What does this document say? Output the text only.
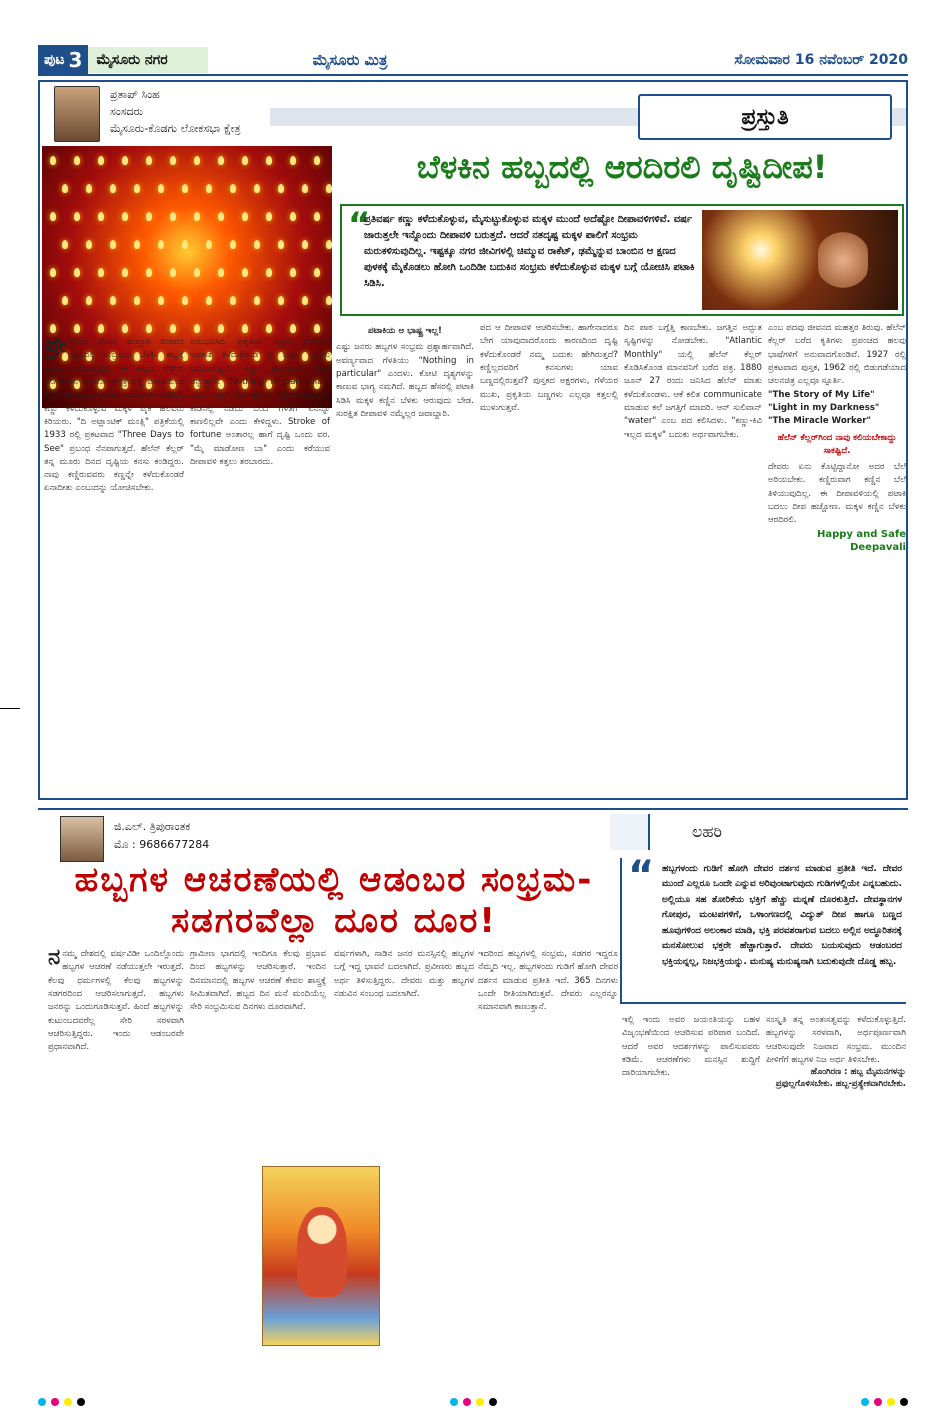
ಪುಟ 3	ಮೈಸೂರು ನಗರ	ಮೈಸೂರು ಮಿತ್ರ	ಸೋಮವಾರ 16 ನವೆಂಬರ್ 2020
ಪ್ರತಾಪ್ ಸಿಂಹ
ಸಂಸದರು
ಮೈಸೂರು-ಕೊಡಗು ಲೋಕಸಭಾ ಕ್ಷೇತ್ರ	ಪ್ರಸ್ತುತಿ
ಬೆಳಕಿನ ಹಬ್ಬದಲ್ಲಿ ಆರದಿರಲಿ ದೃಷ್ಟಿದೀಪ!
“
ಪ್ರತಿವರ್ಷ ಕಣ್ಣು ಕಳೆದುಕೊಳ್ಳುವ, ಮೈಸುಟ್ಟುಕೊಳ್ಳುವ ಮಕ್ಕಳ ಮುಂದೆ ಅದೆಷ್ಟೋ ದೀಪಾವಳಿಗಳಿವೆ. ವರ್ಷ ಜಾರುತ್ತಲೇ ಇನ್ನೊಂದು ದೀಪಾವಳಿ ಬರುತ್ತದೆ. ಆದರೆ ನತದೃಷ್ಟ ಮಕ್ಕಳ ಪಾಲಿಗೆ ಸಂಭ್ರಮ ಮರುಕಳಿಸುವುದಿಲ್ಲ. ಇಷ್ಟಕ್ಕೂ ನಗರ ಜೀವಿಗಳಲ್ಲಿ ಚಿಮ್ಮುವ ರಾಕೆಟ್, ಢಮ್ಮೆನ್ನುವ ಬಾಂಬಿನ ಆ ಕ್ಷಣದ ಪುಳಕಕ್ಕೆ ಮೈಕೊಡಲು ಹೋಗಿ ಒಂದಿಡೀ ಬದುಕಿನ ಸಂಭ್ರಮ ಕಳೆದುಕೊಳ್ಳುವ ಮಕ್ಕಳ ಬಗ್ಗೆ ಯೋಚಿಸಿ ಪಟಾಕಿ ಸಿಡಿಸಿ.
ಪ್ರೇ ಪ್ರೇಮಾ ದೇವಿನ ಮತ್ತೂರ ದಿನಾವನ ಬಿತ್ತರದಲ್ಲಿ ಸಂಬ್ರಮದ ಬೆಳಕಿನ ಹಬ್ಬಕ್ಕೆ ಆತಂಕ ಸುಳಿದಾಡುತ್ತಿದೆ. ಈ ಹಬ್ಬದ ವೆಸ್ಟ್‌ನ್ ಬೆಂಗಳೂರಿನ ಮಿಂಟೋ ಆಸ್ಪತ್ರೆಯಲ್ಲಿ ಪಟಾಕಿಯಿಂದ ಕಣ್ಣಿಗೆ ಹಾನಿಯಾದ ಮಕ್ಕಳ ದಾಖಲಾತಿ ನಡೆದಿದೆ. ಕಣ್ಣು ಕಳೆದುಕೊಳ್ಳುವ ಮಕ್ಕಳ ಪೈಕಿ ಹಲವರು ಕಿರಿಯರು. "ದಿ ಅಟ್ಲಾಂಟಿಕ್ ಮಂತ್ಲಿ" ಪತ್ರಿಕೆಯಲ್ಲಿ 1933 ರಲ್ಲಿ ಪ್ರಕಟವಾದ "Three Days to See" ಪ್ರಬಂಧ ನೆನಪಾಗುತ್ತದೆ. ಹೆಲೆನ್ ಕೆಲ್ಲರ್ ತನ್ನ ಮೂರು ದಿನದ ದೃಷ್ಟಿಯ ಕನಸು ಕಂಡಿದ್ದರು. ನಾವು ಕಣ್ಣಿರುವವರು ಕಣ್ಣನ್ನೇ ಕಳೆದುಕೊಂಡರೆ ಏನಾದೀತು ಎಂಬುದನ್ನು ಯೋಚಿಸಬೇಕು.
ಅನುಭವಿಸಿದ. ಪ್ರಕೃತಿಯ ವಿಸ್ಮಯ ನೋಡುವ ಅವಕಾಶ ಕಳೆದುಕೊಂಡ ಆ ಮಕ್ಕಳ ಬದುಕು ಬದಲಾಗುತ್ತದೆ. ಕಣ್ಣು ಹೃದಯಗಳ ಕಿಟಕಿ ಎನ್ನುತ್ತಾರೆ. "Nothing in particular" ಎಂಬ ಉತ್ತರ ಕೇಳಿ ಹೆಲೆನ್ ಆಶ್ಚರ್ಯಪಟ್ಟಿದ್ದಳು. ಕಾಡಿನಲ್ಲಿ ನಡೆದು ಬಂದ ಗೆಳತಿಗೆ ಏನನ್ನೂ ಕಾಣಲಿಲ್ಲವೇ ಎಂದು ಕೇಳಿದ್ದಳು. Stroke of fortune ಅಂತಾರಲ್ಲ ಹಾಗೆ ದೃಷ್ಟಿ ಒಂದು ವರ. "ಮೈ ಮಾಡೋಣ ಬಾ" ಎಂದು ಕರೆಯುವ ದೀಪಾವಳಿ ಕತ್ತಲು ತರಬಾರದು.
ಪಟಾಕಿಯ ಆ ಭಾಷ್ಟ್ರ ಇಲ್ಲ!
ಎಷ್ಟು ಜನರು ಹಬ್ಬಗಳ ಸಂಭ್ರಮ ಪ್ರಶ್ನಾರ್ಹವಾಗಿದೆ. ಅವರ್ಣ್ಯವಾದ ಗೆಳತಿಯು "Nothing in particular" ಎಂದಳು. ಕೋಟಿ ದೃಶ್ಯಗಳನ್ನು ಕಾಣುವ ಭಾಗ್ಯ ನಮಗಿದೆ. ಹಬ್ಬದ ಹೆಸರಲ್ಲಿ ಪಟಾಕಿ ಸಿಡಿಸಿ ಮಕ್ಕಳ ಕಣ್ಣಿನ ಬೆಳಕು ಆರುವುದು ಬೇಡ. ಸುರಕ್ಷಿತ ದೀಪಾವಳಿ ನಮ್ಮೆಲ್ಲರ ಜವಾಬ್ದಾರಿ.
ಪದ ಆ ದೀಪಾವಳಿ ಆಚರಿಸಬೇಕು. ಹಾಗೇನಾದರೂ ಬೇಗ ಯಾವುದಾದರೊಂದು ಕಾರಣದಿಂದ ದೃಷ್ಟಿ ಕಳೆದುಕೊಂಡರೆ ನಮ್ಮ ಬದುಕು ಹೇಗಿರುತ್ತದೆ? ಕಣ್ಣಿಲ್ಲದವರಿಗೆ ಕನಸುಗಳು ಯಾವ ಬಣ್ಣದಲ್ಲಿರುತ್ತವೆ? ಪುಸ್ತಕದ ಅಕ್ಷರಗಳು, ಗೆಳೆಯರ ಮುಖ, ಪ್ರಕೃತಿಯ ಬಣ್ಣಗಳು ಎಲ್ಲವೂ ಕತ್ತಲಲ್ಲಿ ಮುಳುಗುತ್ತವೆ.
ದಿನ ಪಾಠ ಬಗ್ಗೆತ್ತಿ ಕಾಣಬೇಕು. ಜಗತ್ತಿನ ಅದ್ಭುತ ಸೃಷ್ಟಿಗಳನ್ನು ನೋಡಬೇಕು. "Atlantic Monthly" ಯಲ್ಲಿ ಹೆಲೆನ್ ಕೆಲ್ಲರ್ ಕೊಡಿಸಿಕೊಂಡ ಮಾನವನಿಗೆ ಬರೆದ ಪತ್ರ. 1880 ಜೂನ್ 27 ರಂದು ಜನಿಸಿದ ಹೆಲೆನ್ ಮಾತು ಕಳೆದುಕೊಂಡಳು. ಆಕೆ ಕಲಿತ communicate ಮಾಡುವ ಕಲೆ ಜಗತ್ತಿಗೆ ಮಾದರಿ. ಆನ್ ಸುಲಿವಾನ್ "water" ಎಂಬ ಪದ ಕಲಿಸಿದಳು. "ಕಣ್ಣು-ಕಿವಿ ಇಲ್ಲದ ಮಕ್ಕಳ" ಬದುಕು ಅರ್ಥವಾಗಬೇಕು.
ಎಂಬ ಪದವು ಜೀವನದ ಮಹತ್ತರ ತಿರುವು. ಹೆಲೆನ್ ಕೆಲ್ಲರ್ ಬರೆದ ಕೃತಿಗಳು ಪ್ರಪಂಚದ ಹಲವು ಭಾಷೆಗಳಿಗೆ ಅನುವಾದಗೊಂಡಿವೆ. 1927 ರಲ್ಲಿ ಪ್ರಕಟವಾದ ಪುಸ್ತಕ, 1962 ರಲ್ಲಿ ಬಿಡುಗಡೆಯಾದ ಚಲನಚಿತ್ರ ಎಲ್ಲವೂ ಸ್ಫೂರ್ತಿ.
"The Story of My Life"
"Light in my Darkness"
"The Miracle Worker"
ಹೆಲೆನ್ ಕೆಲ್ಲರ್‌ಗಿಂದ ನಾವು ಕಲಿಯಬೇಕಾದ್ದು ಸಾಕಷ್ಟಿದೆ.
ದೇವರು ಏನು ಕೊಟ್ಟಿದ್ದಾನೋ ಅದರ ಬೆಲೆ ಅರಿಯಬೇಕು. ಕಣ್ಣಿರುವಾಗ ಕಣ್ಣಿನ ಬೆಲೆ ತಿಳಿಯುವುದಿಲ್ಲ. ಈ ದೀಪಾವಳಿಯಲ್ಲಿ ಪಟಾಕಿ ಬದಲು ದೀಪ ಹಚ್ಚೋಣ. ಮಕ್ಕಳ ಕಣ್ಣಿನ ಬೆಳಕು ಆರದಿರಲಿ.
Happy and Safe Deepavali
ಜಿ.ಎಲ್. ತ್ರಿಪುರಾಂತಕ
ಮೊ : 9686677284
ಲಹರಿ
ಹಬ್ಬಗಳ ಆಚರಣೆಯಲ್ಲಿ ಆಡಂಬರ ಸಂಭ್ರಮ-ಸಡಗರವೆಲ್ಲಾ ದೂರ ದೂರ!
“ ಹಬ್ಬಗಳಂದು ಗುಡಿಗೆ ಹೋಗಿ ದೇವರ ದರ್ಶನ ಮಾಡುವ ಪ್ರತೀತಿ ಇದೆ. ದೇವರ ಮುಂದೆ ಎಲ್ಲರೂ ಒಂದೇ ಎನ್ನುವ ಅರಿವುಂಟಾಗುವುದು ಗುಡಿಗಳಲ್ಲಿಯೇ ಎನ್ನಬಹುದು. ಅಲ್ಲಿಯೂ ಸಹ ತೋರಿಕೆಯ ಭಕ್ತಿಗೆ ಹೆಚ್ಚು ಮನ್ನಣೆ ದೊರಕುತ್ತಿದೆ. ದೇವಸ್ಥಾನಗಳ ಗೋಪುರ, ಮಂಟಪಗಳಿಗೆ, ಒಳಾಂಗಣದಲ್ಲಿ ವಿದ್ಯುತ್ ದೀಪ ಹಾಗೂ ಬಣ್ಣದ ಹೂವುಗಳಿಂದ ಅಲಂಕಾರ ಮಾಡಿ, ಭಕ್ತಿ ಪರವಶರಾಗುವ ಬದಲು ಅಲ್ಲಿನ ಅದ್ಧೂರಿತನಕ್ಕೆ ಮನಸೋಲುವ ಭಕ್ತರೇ ಹೆಚ್ಚಾಗುತ್ತಾರೆ. ದೇವರು ಬಯಸುವುದು ಆಡಂಬರದ ಭಕ್ತಿಯನ್ನಲ್ಲ, ನಿಜಭಕ್ತಿಯನ್ನು. ಮನುಷ್ಯ ಮನುಷ್ಯನಾಗಿ ಬದುಕುವುದೇ ದೊಡ್ಡ ಹಬ್ಬ.
ನನಮ್ಮ ದೇಶದಲ್ಲಿ ವರ್ಷವಿಡೀ ಒಂದಿಲ್ಲೊಂದು ಹಬ್ಬಗಳ ಆಚರಣೆ ನಡೆಯುತ್ತಲೇ ಇರುತ್ತದೆ. ಕೆಲವು ಧರ್ಮಗಳಲ್ಲಿ ಕೆಲವು ಹಬ್ಬಗಳನ್ನು ಸಡಗರದಿಂದ ಆಚರಿಸಲಾಗುತ್ತದೆ. ಹಬ್ಬಗಳು ಜನರನ್ನು ಒಂದುಗೂಡಿಸುತ್ತವೆ. ಹಿಂದೆ ಹಬ್ಬಗಳನ್ನು ಕುಟುಂಬದವರೆಲ್ಲ ಸೇರಿ ಸರಳವಾಗಿ ಆಚರಿಸುತ್ತಿದ್ದರು. ಇಂದು ಆಡಂಬರವೇ ಪ್ರಧಾನವಾಗಿದೆ.
ಗ್ರಾಮೀಣ ಭಾಗದಲ್ಲಿ ಇಂದಿಗೂ ಕೆಲವು ಪ್ರಭಾವ ದಿಂದ ಹಬ್ಬಗಳನ್ನು ಆಚರಿಸುತ್ತಾರೆ. ಇಂದಿನ ದಿನಮಾನದಲ್ಲಿ ಹಬ್ಬಗಳ ಆಚರಣೆ ಕೇವಲ ಶಾಸ್ತ್ರಕ್ಕೆ ಸೀಮಿತವಾಗಿದೆ. ಹಬ್ಬದ ದಿನ ಮನೆ ಮಂದಿಯೆಲ್ಲ ಸೇರಿ ಸಂಭ್ರಮಿಸುವ ದಿನಗಳು ದೂರವಾಗಿವೆ.
ವರ್ಷಗಳಾಗಿ, ನಾಡಿನ ಜನರ ಮನಸ್ಸಿನಲ್ಲಿ ಹಬ್ಬಗಳ ಬಗ್ಗೆ ಇದ್ದ ಭಾವನೆ ಬದಲಾಗಿದೆ. ಪ್ರವೀಣರು ಹಬ್ಬದ ಅರ್ಥ ತಿಳಿಸುತ್ತಿದ್ದರು. ದೇವರು ಮತ್ತು ಹಬ್ಬಗಳ ನಡುವಿನ ಸಂಬಂಧ ಬದಲಾಗಿದೆ.
ಇದರಿಂದ ಹಬ್ಬಗಳಲ್ಲಿ ಸಂಭ್ರಮ, ಸಡಗರ ಇದ್ದರೂ ನೆಮ್ಮದಿ ಇಲ್ಲ. ಹಬ್ಬಗಳಂದು ಗುಡಿಗೆ ಹೋಗಿ ದೇವರ ದರ್ಶನ ಮಾಡುವ ಪ್ರತೀತಿ ಇದೆ. 365 ದಿನಗಳು ಒಂದೇ ರೀತಿಯಾಗಿರುತ್ತವೆ. ದೇವರು ಎಲ್ಲರನ್ನೂ ಸಮಾನವಾಗಿ ಕಾಣುತ್ತಾನೆ.
ಇಲ್ಲಿ ಇಂದು ಅವರ ಜಯಂತಿಯನ್ನು ಬಹಳ ವಿಜೃಂಭಣೆಯಿಂದ ಆಚರಿಸುವ ಪರಿಪಾಠ ಬಂದಿದೆ. ಆದರೆ ಅವರ ಆದರ್ಶಗಳನ್ನು ಪಾಲಿಸುವವರು ಕಡಿಮೆ. ಆಚರಣೆಗಳು ಮನಸ್ಸಿನ ಶುದ್ಧಿಗೆ ದಾರಿಯಾಗಬೇಕು.
ಸಂಸ್ಕೃತಿ ತನ್ನ ಅಂತಃಸತ್ವವನ್ನು ಕಳೆದುಕೊಳ್ಳುತ್ತಿದೆ. ಹಬ್ಬಗಳನ್ನು ಸರಳವಾಗಿ, ಅರ್ಥಪೂರ್ಣವಾಗಿ ಆಚರಿಸುವುದೇ ನಿಜವಾದ ಸಂಭ್ರಮ. ಮುಂದಿನ ಪೀಳಿಗೆಗೆ ಹಬ್ಬಗಳ ನಿಜ ಅರ್ಥ ತಿಳಿಸಬೇಕು.
ಹೊಂಗಿರಣ : ಹಬ್ಬ ಮೈಮನಗಳನ್ನು ಪ್ರಫುಲ್ಲಗೊಳಿಸಬೇಕು. ಹಬ್ಬ-ಪ್ರತ್ಯೇಕವಾಗಿರಬೇಕು.
